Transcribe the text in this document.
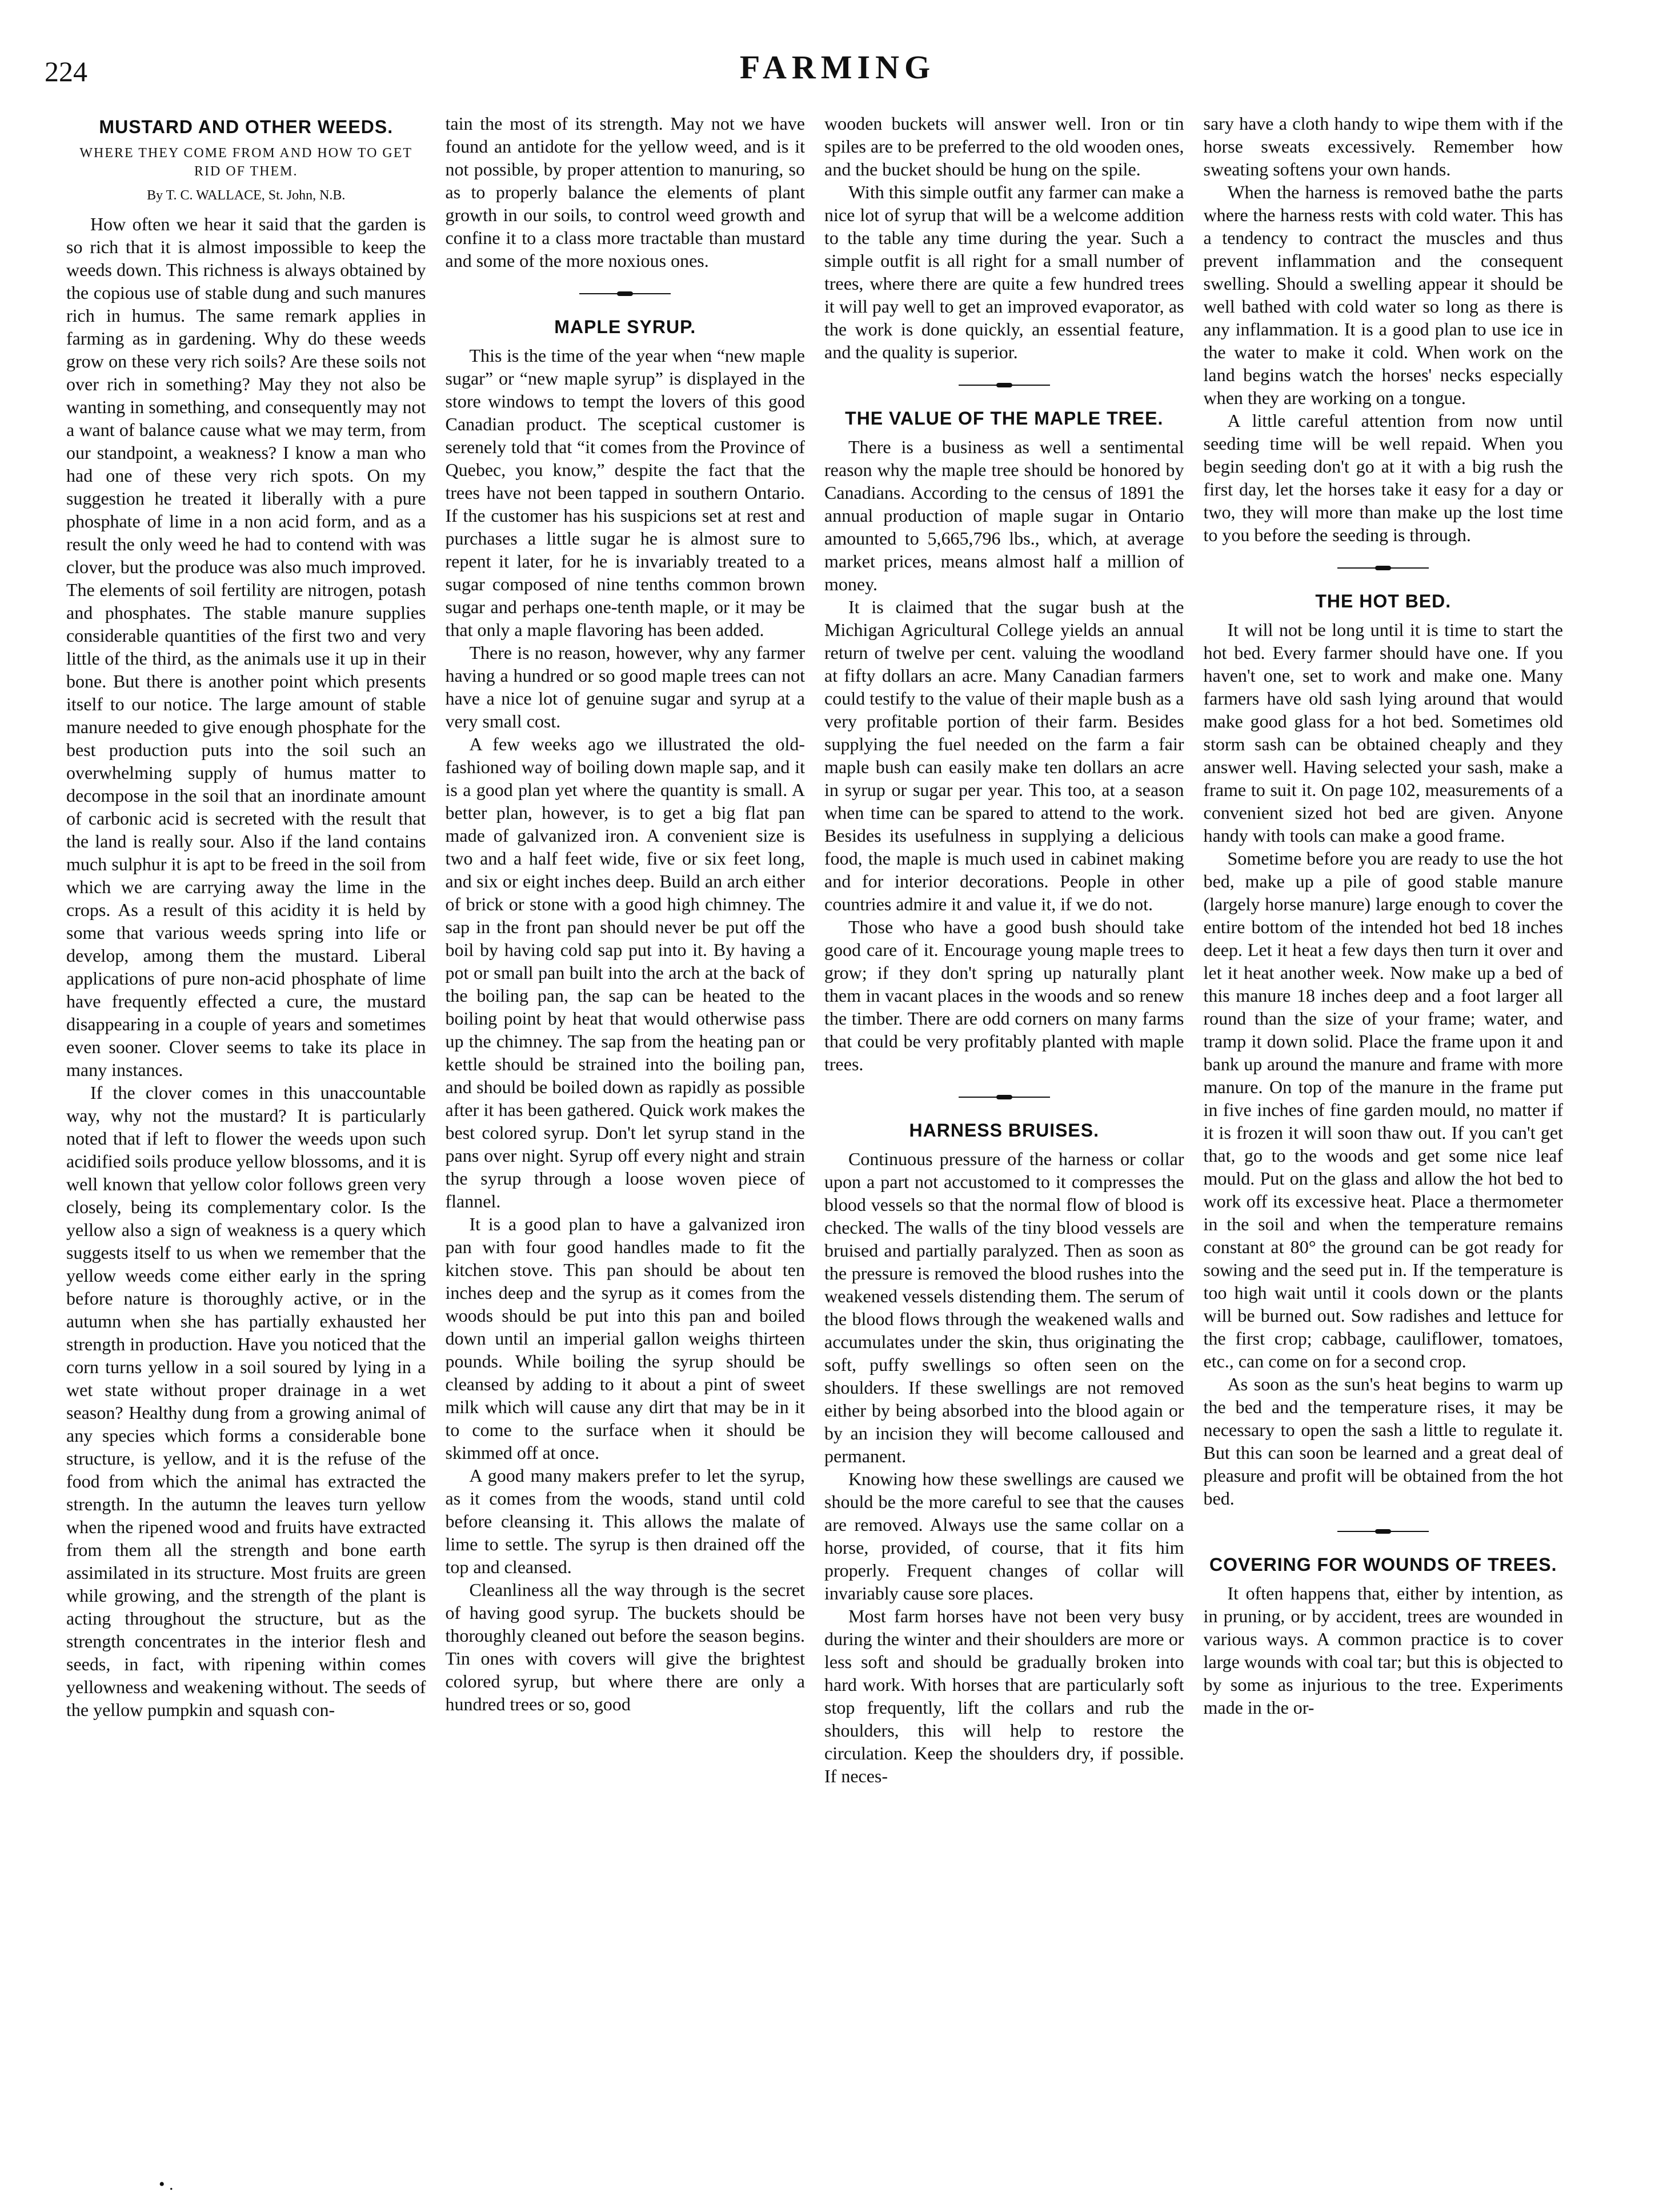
224	FARMING
MUSTARD AND OTHER WEEDS.
WHERE THEY COME FROM AND HOW TO GET RID OF THEM.
By T. C. WALLACE, St. John, N.B.

How often we hear it said that the garden is so rich that it is almost impossible to keep the weeds down. This richness is always obtained by the copious use of stable dung and such manures rich in humus. The same remark applies in farming as in gardening. Why do these weeds grow on these very rich soils? Are these soils not over rich in something? May they not also be wanting in something, and consequently may not a want of balance cause what we may term, from our standpoint, a weakness? I know a man who had one of these very rich spots. On my suggestion he treated it liberally with a pure phosphate of lime in a non acid form, and as a result the only weed he had to contend with was clover, but the produce was also much improved. The elements of soil fertility are nitrogen, potash and phosphates. The stable manure supplies considerable quantities of the first two and very little of the third, as the animals use it up in their bone. But there is another point which presents itself to our notice. The large amount of stable manure needed to give enough phosphate for the best production puts into the soil such an overwhelming supply of humus matter to decompose in the soil that an inordinate amount of carbonic acid is secreted with the result that the land is really sour. Also if the land contains much sulphur it is apt to be freed in the soil from which we are carrying away the lime in the crops. As a result of this acidity it is held by some that various weeds spring into life or develop, among them the mustard. Liberal applications of pure non-acid phosphate of lime have frequently effected a cure, the mustard disappearing in a couple of years and sometimes even sooner. Clover seems to take its place in many instances.

If the clover comes in this unaccountable way, why not the mustard? It is particularly noted that if left to flower the weeds upon such acidified soils produce yellow blossoms, and it is well known that yellow color follows green very closely, being its complementary color. Is the yellow also a sign of weakness is a query which suggests itself to us when we remember that the yellow weeds come either early in the spring before nature is thoroughly active, or in the autumn when she has partially exhausted her strength in production. Have you noticed that the corn turns yellow in a soil soured by lying in a wet state without proper drainage in a wet season? Healthy dung from a growing animal of any species which forms a considerable bone structure, is yellow, and it is the refuse of the food from which the animal has extracted the strength. In the autumn the leaves turn yellow when the ripened wood and fruits have extracted from them all the strength and bone earth assimilated in its structure. Most fruits are green while growing, and the strength of the plant is acting throughout the structure, but as the strength concentrates in the interior flesh and seeds, in fact, with ripening within comes yellowness and weakening without. The seeds of the yellow pumpkin and squash con-

tain the most of its strength. May not we have found an antidote for the yellow weed, and is it not possible, by proper attention to manuring, so as to properly balance the elements of plant growth in our soils, to control weed growth and confine it to a class more tractable than mustard and some of the more noxious ones.

MAPLE SYRUP.

This is the time of the year when “new maple sugar” or “new maple syrup” is displayed in the store windows to tempt the lovers of this good Canadian product. The sceptical customer is serenely told that “it comes from the Province of Quebec, you know,” despite the fact that the trees have not been tapped in southern Ontario. If the customer has his suspicions set at rest and purchases a little sugar he is almost sure to repent it later, for he is invariably treated to a sugar composed of nine tenths common brown sugar and perhaps one-tenth maple, or it may be that only a maple flavoring has been added.

There is no reason, however, why any farmer having a hundred or so good maple trees can not have a nice lot of genuine sugar and syrup at a very small cost.

A few weeks ago we illustrated the old-fashioned way of boiling down maple sap, and it is a good plan yet where the quantity is small. A better plan, however, is to get a big flat pan made of galvanized iron. A convenient size is two and a half feet wide, five or six feet long, and six or eight inches deep. Build an arch either of brick or stone with a good high chimney. The sap in the front pan should never be put off the boil by having cold sap put into it. By having a pot or small pan built into the arch at the back of the boiling pan, the sap can be heated to the boiling point by heat that would otherwise pass up the chimney. The sap from the heating pan or kettle should be strained into the boiling pan, and should be boiled down as rapidly as possible after it has been gathered. Quick work makes the best colored syrup. Don't let syrup stand in the pans over night. Syrup off every night and strain the syrup through a loose woven piece of flannel.

It is a good plan to have a galvanized iron pan with four good handles made to fit the kitchen stove. This pan should be about ten inches deep and the syrup as it comes from the woods should be put into this pan and boiled down until an imperial gallon weighs thirteen pounds. While boiling the syrup should be cleansed by adding to it about a pint of sweet milk which will cause any dirt that may be in it to come to the surface when it should be skimmed off at once.

A good many makers prefer to let the syrup, as it comes from the woods, stand until cold before cleansing it. This allows the malate of lime to settle. The syrup is then drained off the top and cleansed.

Cleanliness all the way through is the secret of having good syrup. The buckets should be thoroughly cleaned out before the season begins. Tin ones with covers will give the brightest colored syrup, but where there are only a hundred trees or so, good

wooden buckets will answer well. Iron or tin spiles are to be preferred to the old wooden ones, and the bucket should be hung on the spile.

With this simple outfit any farmer can make a nice lot of syrup that will be a welcome addition to the table any time during the year. Such a simple outfit is all right for a small number of trees, where there are quite a few hundred trees it will pay well to get an improved evaporator, as the work is done quickly, an essential feature, and the quality is superior.

THE VALUE OF THE MAPLE TREE.

There is a business as well a sentimental reason why the maple tree should be honored by Canadians. According to the census of 1891 the annual production of maple sugar in Ontario amounted to 5,665,796 lbs., which, at average market prices, means almost half a million of money.

It is claimed that the sugar bush at the Michigan Agricultural College yields an annual return of twelve per cent. valuing the woodland at fifty dollars an acre. Many Canadian farmers could testify to the value of their maple bush as a very profitable portion of their farm. Besides supplying the fuel needed on the farm a fair maple bush can easily make ten dollars an acre in syrup or sugar per year. This too, at a season when time can be spared to attend to the work. Besides its usefulness in supplying a delicious food, the maple is much used in cabinet making and for interior decorations. People in other countries admire it and value it, if we do not.

Those who have a good bush should take good care of it. Encourage young maple trees to grow; if they don't spring up naturally plant them in vacant places in the woods and so renew the timber. There are odd corners on many farms that could be very profitably planted with maple trees.

HARNESS BRUISES.

Continuous pressure of the harness or collar upon a part not accustomed to it compresses the blood vessels so that the normal flow of blood is checked. The walls of the tiny blood vessels are bruised and partially paralyzed. Then as soon as the pressure is removed the blood rushes into the weakened vessels distending them. The serum of the blood flows through the weakened walls and accumulates under the skin, thus originating the soft, puffy swellings so often seen on the shoulders. If these swellings are not removed either by being absorbed into the blood again or by an incision they will become calloused and permanent.

Knowing how these swellings are caused we should be the more careful to see that the causes are removed. Always use the same collar on a horse, provided, of course, that it fits him properly. Frequent changes of collar will invariably cause sore places.

Most farm horses have not been very busy during the winter and their shoulders are more or less soft and should be gradually broken into hard work. With horses that are particularly soft stop frequently, lift the collars and rub the shoulders, this will help to restore the circulation. Keep the shoulders dry, if possible. If neces-

sary have a cloth handy to wipe them with if the horse sweats excessively. Remember how sweating softens your own hands.

When the harness is removed bathe the parts where the harness rests with cold water. This has a tendency to contract the muscles and thus prevent inflammation and the consequent swelling. Should a swelling appear it should be well bathed with cold water so long as there is any inflammation. It is a good plan to use ice in the water to make it cold. When work on the land begins watch the horses' necks especially when they are working on a tongue.

A little careful attention from now until seeding time will be well repaid. When you begin seeding don't go at it with a big rush the first day, let the horses take it easy for a day or two, they will more than make up the lost time to you before the seeding is through.

THE HOT BED.

It will not be long until it is time to start the hot bed. Every farmer should have one. If you haven't one, set to work and make one. Many farmers have old sash lying around that would make good glass for a hot bed. Sometimes old storm sash can be obtained cheaply and they answer well. Having selected your sash, make a frame to suit it. On page 102, measurements of a convenient sized hot bed are given. Anyone handy with tools can make a good frame.

Sometime before you are ready to use the hot bed, make up a pile of good stable manure (largely horse manure) large enough to cover the entire bottom of the intended hot bed 18 inches deep. Let it heat a few days then turn it over and let it heat another week. Now make up a bed of this manure 18 inches deep and a foot larger all round than the size of your frame; water, and tramp it down solid. Place the frame upon it and bank up around the manure and frame with more manure. On top of the manure in the frame put in five inches of fine garden mould, no matter if it is frozen it will soon thaw out. If you can't get that, go to the woods and get some nice leaf mould. Put on the glass and allow the hot bed to work off its excessive heat. Place a thermometer in the soil and when the temperature remains constant at 80° the ground can be got ready for sowing and the seed put in. If the temperature is too high wait until it cools down or the plants will be burned out. Sow radishes and lettuce for the first crop; cabbage, cauliflower, tomatoes, etc., can come on for a second crop.

As soon as the sun's heat begins to warm up the bed and the temperature rises, it may be necessary to open the sash a little to regulate it. But this can soon be learned and a great deal of pleasure and profit will be obtained from the hot bed.

COVERING FOR WOUNDS OF TREES.

It often happens that, either by intention, as in pruning, or by accident, trees are wounded in various ways. A common practice is to cover large wounds with coal tar; but this is objected to by some as injurious to the tree. Experiments made in the or-

• .
